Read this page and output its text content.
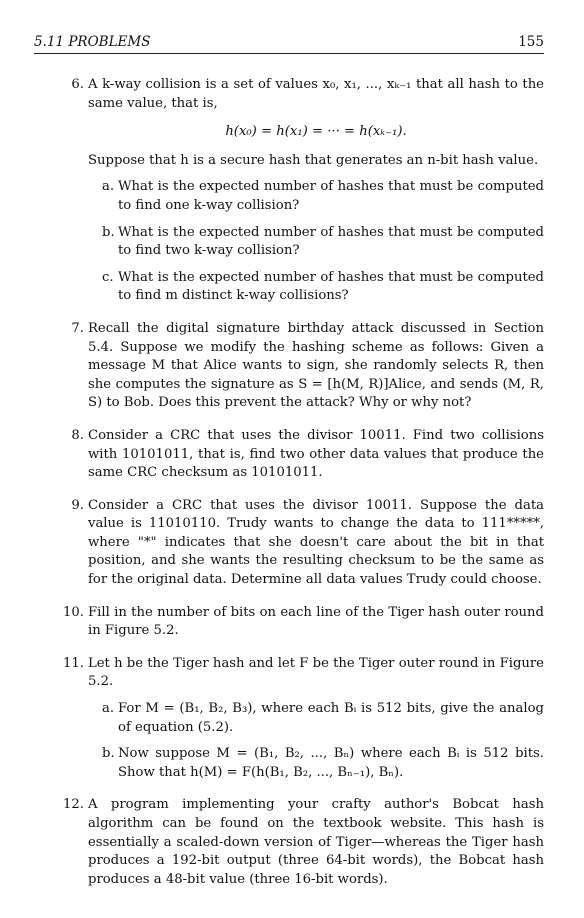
5.11 PROBLEMS	155
6. A k-way collision is a set of values x₀, x₁, ..., xₖ₋₁ that all hash to the same value, that is,

h(x₀) = h(x₁) = ··· = h(xₖ₋₁).

Suppose that h is a secure hash that generates an n-bit hash value.

a. What is the expected number of hashes that must be computed to find one k-way collision?

b. What is the expected number of hashes that must be computed to find two k-way collision?

c. What is the expected number of hashes that must be computed to find m distinct k-way collisions?

7. Recall the digital signature birthday attack discussed in Section 5.4. Suppose we modify the hashing scheme as follows: Given a message M that Alice wants to sign, she randomly selects R, then she computes the signature as S = [h(M, R)]Alice, and sends (M, R, S) to Bob. Does this prevent the attack? Why or why not?

8. Consider a CRC that uses the divisor 10011. Find two collisions with 10101011, that is, find two other data values that produce the same CRC checksum as 10101011.

9. Consider a CRC that uses the divisor 10011. Suppose the data value is 11010110. Trudy wants to change the data to 111*****, where "*" indicates that she doesn't care about the bit in that position, and she wants the resulting checksum to be the same as for the original data. Determine all data values Trudy could choose.

10. Fill in the number of bits on each line of the Tiger hash outer round in Figure 5.2.

11. Let h be the Tiger hash and let F be the Tiger outer round in Figure 5.2.

a. For M = (B₁, B₂, B₃), where each Bᵢ is 512 bits, give the analog of equation (5.2).

b. Now suppose M = (B₁, B₂, ..., Bₙ) where each Bᵢ is 512 bits. Show that h(M) = F(h(B₁, B₂, ..., Bₙ₋₁), Bₙ).

12. A program implementing your crafty author's Bobcat hash algorithm can be found on the textbook website. This hash is essentially a scaled-down version of Tiger—whereas the Tiger hash produces a 192-bit output (three 64-bit words), the Bobcat hash produces a 48-bit value (three 16-bit words).
